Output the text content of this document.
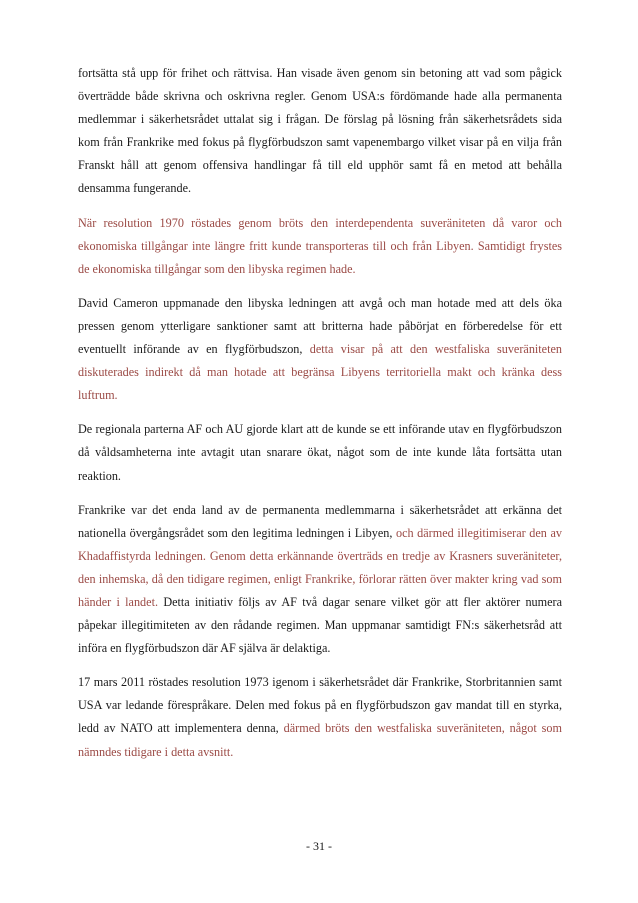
fortsätta stå upp för frihet och rättvisa. Han visade även genom sin betoning att vad som pågick överträdde både skrivna och oskrivna regler. Genom USA:s fördömande hade alla permanenta medlemmar i säkerhetsrådet uttalat sig i frågan. De förslag på lösning från säkerhetsrådets sida kom från Frankrike med fokus på flygförbudszon samt vapenembargo vilket visar på en vilja från Franskt håll att genom offensiva handlingar få till eld upphör samt få en metod att behålla densamma fungerande.

När resolution 1970 röstades genom bröts den interdependenta suveräniteten då varor och ekonomiska tillgångar inte längre fritt kunde transporteras till och från Libyen. Samtidigt frystes de ekonomiska tillgångar som den libyska regimen hade.

David Cameron uppmanade den libyska ledningen att avgå och man hotade med att dels öka pressen genom ytterligare sanktioner samt att britterna hade påbörjat en förberedelse för ett eventuellt införande av en flygförbudszon, detta visar på att den westfaliska suveräniteten diskuterades indirekt då man hotade att begränsa Libyens territoriella makt och kränka dess luftrum.

De regionala parterna AF och AU gjorde klart att de kunde se ett införande utav en flygförbudszon då våldsamheterna inte avtagit utan snarare ökat, något som de inte kunde låta fortsätta utan reaktion.

Frankrike var det enda land av de permanenta medlemmarna i säkerhetsrådet att erkänna det nationella övergångsrådet som den legitima ledningen i Libyen, och därmed illegitimiserar den av Khadaffistyrda ledningen. Genom detta erkännande överträds en tredje av Krasners suveräniteter, den inhemska, då den tidigare regimen, enligt Frankrike, förlorar rätten över makter kring vad som händer i landet. Detta initiativ följs av AF två dagar senare vilket gör att fler aktörer numera påpekar illegitimiteten av den rådande regimen. Man uppmanar samtidigt FN:s säkerhetsråd att införa en flygförbudszon där AF själva är delaktiga.

17 mars 2011 röstades resolution 1973 igenom i säkerhetsrådet där Frankrike, Storbritannien samt USA var ledande förespråkare. Delen med fokus på en flygförbudszon gav mandat till en styrka, ledd av NATO att implementera denna, därmed bröts den westfaliska suveräniteten, något som nämndes tidigare i detta avsnitt.

- 31 -
